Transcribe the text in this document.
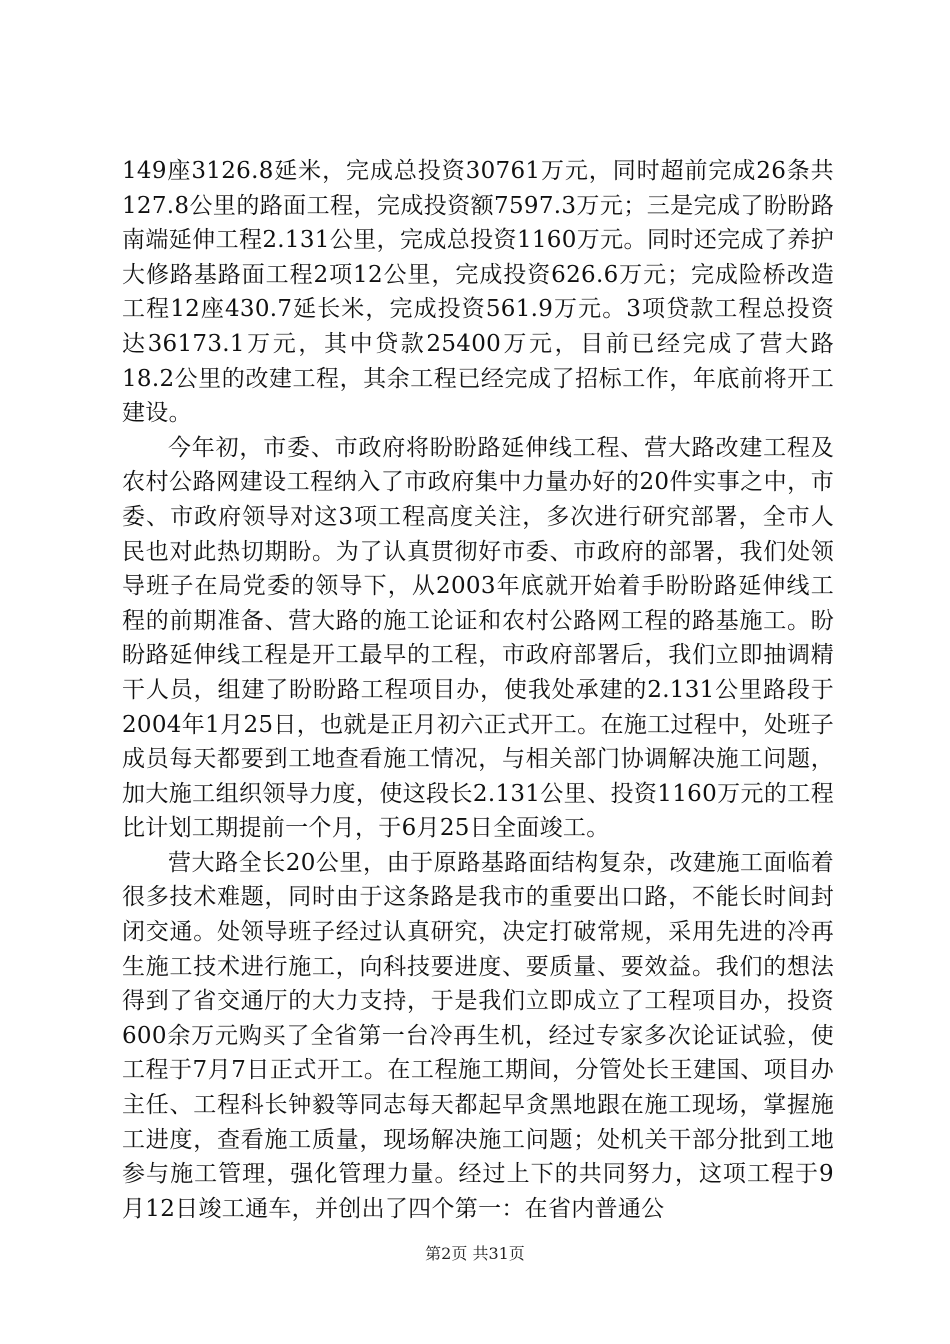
149座3126.8延米，完成总投资30761万元，同时超前完成26条共127.8公里的路面工程，完成投资额7597.3万元；三是完成了盼盼路南端延伸工程2.131公里，完成总投资1160万元。同时还完成了养护大修路基路面工程2项12公里，完成投资626.6万元；完成险桥改造工程12座430.7延长米，完成投资561.9万元。3项贷款工程总投资达36173.1万元，其中贷款25400万元，目前已经完成了营大路18.2公里的改建工程，其余工程已经完成了招标工作，年底前将开工建设。

今年初，市委、市政府将盼盼路延伸线工程、营大路改建工程及农村公路网建设工程纳入了市政府集中力量办好的20件实事之中，市委、市政府领导对这3项工程高度关注，多次进行研究部署，全市人民也对此热切期盼。为了认真贯彻好市委、市政府的部署，我们处领导班子在局党委的领导下，从2003年底就开始着手盼盼路延伸线工程的前期准备、营大路的施工论证和农村公路网工程的路基施工。盼盼路延伸线工程是开工最早的工程，市政府部署后，我们立即抽调精干人员，组建了盼盼路工程项目办，使我处承建的2.131公里路段于2004年1月25日，也就是正月初六正式开工。在施工过程中，处班子成员每天都要到工地查看施工情况，与相关部门协调解决施工问题，加大施工组织领导力度，使这段长2.131公里、投资1160万元的工程比计划工期提前一个月，于6月25日全面竣工。

营大路全长20公里，由于原路基路面结构复杂，改建施工面临着很多技术难题，同时由于这条路是我市的重要出口路，不能长时间封闭交通。处领导班子经过认真研究，决定打破常规，采用先进的冷再生施工技术进行施工，向科技要进度、要质量、要效益。我们的想法得到了省交通厅的大力支持，于是我们立即成立了工程项目办，投资600余万元购买了全省第一台冷再生机，经过专家多次论证试验，使工程于7月7日正式开工。在工程施工期间，分管处长王建国、项目办主任、工程科长钟毅等同志每天都起早贪黑地跟在施工现场，掌握施工进度，查看施工质量，现场解决施工问题；处机关干部分批到工地参与施工管理，强化管理力量。经过上下的共同努力，这项工程于9月12日竣工通车，并创出了四个第一：在省内普通公

第2页 共31页
